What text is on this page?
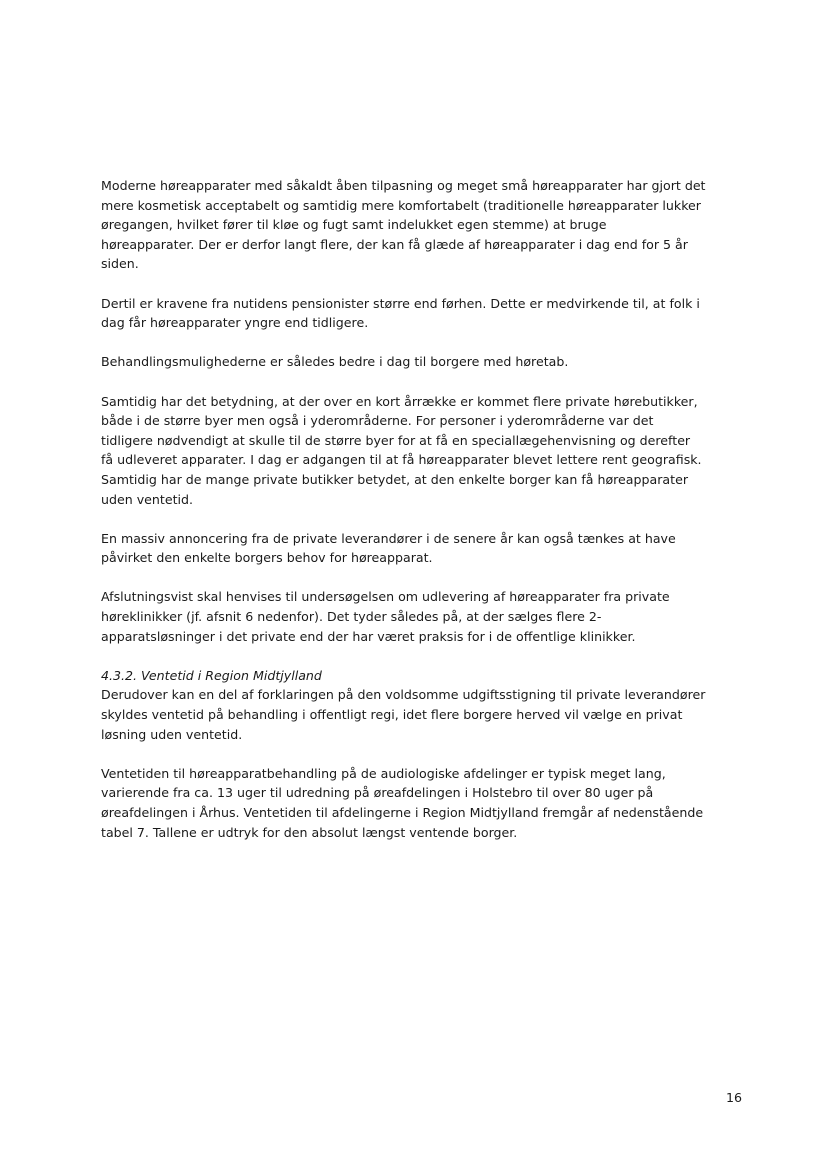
Moderne høreapparater med såkaldt åben tilpasning og meget små høreapparater har gjort det
mere kosmetisk acceptabelt og samtidig mere komfortabelt (traditionelle høreapparater lukker
øregangen, hvilket fører til kløe og fugt samt indelukket egen stemme) at bruge
høreapparater. Der er derfor langt flere, der kan få glæde af høreapparater i dag end for 5 år
siden.

Dertil er kravene fra nutidens pensionister større end førhen. Dette er medvirkende til, at folk i
dag får høreapparater yngre end tidligere.

Behandlingsmulighederne er således bedre i dag til borgere med høretab.

Samtidig har det betydning, at der over en kort årrække er kommet flere private hørebutikker,
både i de større byer men også i yderområderne. For personer i yderområderne var det
tidligere nødvendigt at skulle til de større byer for at få en speciallægehenvisning og derefter
få udleveret apparater. I dag er adgangen til at få høreapparater blevet lettere rent geografisk.
Samtidig har de mange private butikker betydet, at den enkelte borger kan få høreapparater
uden ventetid.

En massiv annoncering fra de private leverandører i de senere år kan også tænkes at have
påvirket den enkelte borgers behov for høreapparat.

Afslutningsvist skal henvises til undersøgelsen om udlevering af høreapparater fra private
høreklinikker (jf. afsnit 6 nedenfor). Det tyder således på, at der sælges flere 2-
apparatsløsninger i det private end der har været praksis for i de offentlige klinikker.

4.3.2. Ventetid i Region Midtjylland

Derudover kan en del af forklaringen på den voldsomme udgiftsstigning til private leverandører
skyldes ventetid på behandling i offentligt regi, idet flere borgere herved vil vælge en privat
løsning uden ventetid.

Ventetiden til høreapparatbehandling på de audiologiske afdelinger er typisk meget lang,
varierende fra ca. 13 uger til udredning på øreafdelingen i Holstebro til over 80 uger på
øreafdelingen i Århus. Ventetiden til afdelingerne i Region Midtjylland fremgår af nedenstående
tabel 7. Tallene er udtryk for den absolut længst ventende borger.

16
